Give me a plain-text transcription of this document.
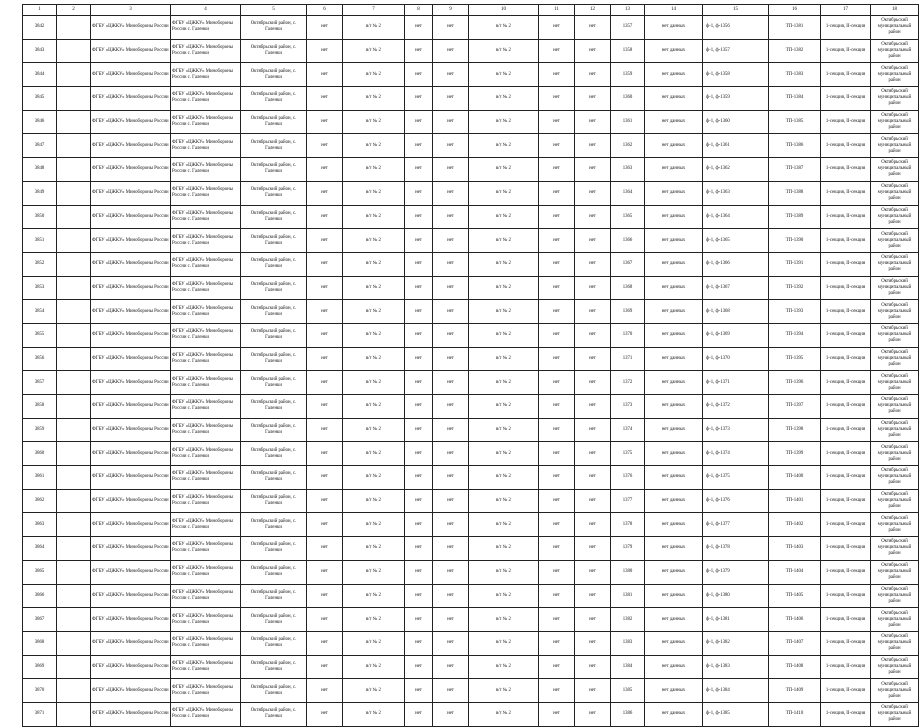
1	2	3	4	5	6	7	8	9	10	11	12	13	14	15	16	17	18
3842		ФГБУ «ЦЖКУ» Минобороны России	ФГБУ «ЦЖКУ» Минобороны России с. Галенки	Октябрьский район, с. Галенки	нет	в/г № 2	нет	нет	в/г № 2	нет	нет	1357	нет данных	ф-1, ф-1356	ТП-1381	1-секция, II-секция	Октябрьский муниципальный район
3843		ФГБУ «ЦЖКУ» Минобороны России	ФГБУ «ЦЖКУ» Минобороны России с. Галенки	Октябрьский район, с. Галенки	нет	в/г № 2	нет	нет	в/г № 2	нет	нет	1358	нет данных	ф-1, ф-1357	ТП-1382	1-секция, II-секция	Октябрьский муниципальный район
3844		ФГБУ «ЦЖКУ» Минобороны России	ФГБУ «ЦЖКУ» Минобороны России с. Галенки	Октябрьский район, с. Галенки	нет	в/г № 2	нет	нет	в/г № 2	нет	нет	1359	нет данных	ф-1, ф-1358	ТП-1383	1-секция, II-секция	Октябрьский муниципальный район
3845		ФГБУ «ЦЖКУ» Минобороны России	ФГБУ «ЦЖКУ» Минобороны России с. Галенки	Октябрьский район, с. Галенки	нет	в/г № 2	нет	нет	в/г № 2	нет	нет	1360	нет данных	ф-1, ф-1359	ТП-1384	1-секция, II-секция	Октябрьский муниципальный район
3846		ФГБУ «ЦЖКУ» Минобороны России	ФГБУ «ЦЖКУ» Минобороны России с. Галенки	Октябрьский район, с. Галенки	нет	в/г № 2	нет	нет	в/г № 2	нет	нет	1361	нет данных	ф-1, ф-1360	ТП-1385	1-секция, II-секция	Октябрьский муниципальный район
3847		ФГБУ «ЦЖКУ» Минобороны России	ФГБУ «ЦЖКУ» Минобороны России с. Галенки	Октябрьский район, с. Галенки	нет	в/г № 2	нет	нет	в/г № 2	нет	нет	1362	нет данных	ф-1, ф-1361	ТП-1386	1-секция, II-секция	Октябрьский муниципальный район
3848		ФГБУ «ЦЖКУ» Минобороны России	ФГБУ «ЦЖКУ» Минобороны России с. Галенки	Октябрьский район, с. Галенки	нет	в/г № 2	нет	нет	в/г № 2	нет	нет	1363	нет данных	ф-1, ф-1362	ТП-1387	1-секция, II-секция	Октябрьский муниципальный район
3849		ФГБУ «ЦЖКУ» Минобороны России	ФГБУ «ЦЖКУ» Минобороны России с. Галенки	Октябрьский район, с. Галенки	нет	в/г № 2	нет	нет	в/г № 2	нет	нет	1364	нет данных	ф-1, ф-1363	ТП-1388	1-секция, II-секция	Октябрьский муниципальный район
3850		ФГБУ «ЦЖКУ» Минобороны России	ФГБУ «ЦЖКУ» Минобороны России с. Галенки	Октябрьский район, с. Галенки	нет	в/г № 2	нет	нет	в/г № 2	нет	нет	1365	нет данных	ф-1, ф-1364	ТП-1389	1-секция, II-секция	Октябрьский муниципальный район
3851		ФГБУ «ЦЖКУ» Минобороны России	ФГБУ «ЦЖКУ» Минобороны России с. Галенки	Октябрьский район, с. Галенки	нет	в/г № 2	нет	нет	в/г № 2	нет	нет	1366	нет данных	ф-1, ф-1365	ТП-1390	1-секция, II-секция	Октябрьский муниципальный район
3852		ФГБУ «ЦЖКУ» Минобороны России	ФГБУ «ЦЖКУ» Минобороны России с. Галенки	Октябрьский район, с. Галенки	нет	в/г № 2	нет	нет	в/г № 2	нет	нет	1367	нет данных	ф-1, ф-1366	ТП-1391	1-секция, II-секция	Октябрьский муниципальный район
3853		ФГБУ «ЦЖКУ» Минобороны России	ФГБУ «ЦЖКУ» Минобороны России с. Галенки	Октябрьский район, с. Галенки	нет	в/г № 2	нет	нет	в/г № 2	нет	нет	1368	нет данных	ф-1, ф-1367	ТП-1392	1-секция, II-секция	Октябрьский муниципальный район
3854		ФГБУ «ЦЖКУ» Минобороны России	ФГБУ «ЦЖКУ» Минобороны России с. Галенки	Октябрьский район, с. Галенки	нет	в/г № 2	нет	нет	в/г № 2	нет	нет	1369	нет данных	ф-1, ф-1368	ТП-1393	1-секция, II-секция	Октябрьский муниципальный район
3855		ФГБУ «ЦЖКУ» Минобороны России	ФГБУ «ЦЖКУ» Минобороны России с. Галенки	Октябрьский район, с. Галенки	нет	в/г № 2	нет	нет	в/г № 2	нет	нет	1370	нет данных	ф-1, ф-1369	ТП-1394	1-секция, II-секция	Октябрьский муниципальный район
3856		ФГБУ «ЦЖКУ» Минобороны России	ФГБУ «ЦЖКУ» Минобороны России с. Галенки	Октябрьский район, с. Галенки	нет	в/г № 2	нет	нет	в/г № 2	нет	нет	1371	нет данных	ф-1, ф-1370	ТП-1395	1-секция, II-секция	Октябрьский муниципальный район
3857		ФГБУ «ЦЖКУ» Минобороны России	ФГБУ «ЦЖКУ» Минобороны России с. Галенки	Октябрьский район, с. Галенки	нет	в/г № 2	нет	нет	в/г № 2	нет	нет	1372	нет данных	ф-1, ф-1371	ТП-1396	1-секция, II-секция	Октябрьский муниципальный район
3858		ФГБУ «ЦЖКУ» Минобороны России	ФГБУ «ЦЖКУ» Минобороны России с. Галенки	Октябрьский район, с. Галенки	нет	в/г № 2	нет	нет	в/г № 2	нет	нет	1373	нет данных	ф-1, ф-1372	ТП-1397	1-секция, II-секция	Октябрьский муниципальный район
3859		ФГБУ «ЦЖКУ» Минобороны России	ФГБУ «ЦЖКУ» Минобороны России с. Галенки	Октябрьский район, с. Галенки	нет	в/г № 2	нет	нет	в/г № 2	нет	нет	1374	нет данных	ф-1, ф-1373	ТП-1398	1-секция, II-секция	Октябрьский муниципальный район
3860		ФГБУ «ЦЖКУ» Минобороны России	ФГБУ «ЦЖКУ» Минобороны России с. Галенки	Октябрьский район, с. Галенки	нет	в/г № 2	нет	нет	в/г № 2	нет	нет	1375	нет данных	ф-1, ф-1374	ТП-1399	1-секция, II-секция	Октябрьский муниципальный район
3861		ФГБУ «ЦЖКУ» Минобороны России	ФГБУ «ЦЖКУ» Минобороны России с. Галенки	Октябрьский район, с. Галенки	нет	в/г № 2	нет	нет	в/г № 2	нет	нет	1376	нет данных	ф-1, ф-1375	ТП-1400	1-секция, II-секция	Октябрьский муниципальный район
3862		ФГБУ «ЦЖКУ» Минобороны России	ФГБУ «ЦЖКУ» Минобороны России с. Галенки	Октябрьский район, с. Галенки	нет	в/г № 2	нет	нет	в/г № 2	нет	нет	1377	нет данных	ф-1, ф-1376	ТП-1401	1-секция, II-секция	Октябрьский муниципальный район
3863		ФГБУ «ЦЖКУ» Минобороны России	ФГБУ «ЦЖКУ» Минобороны России с. Галенки	Октябрьский район, с. Галенки	нет	в/г № 2	нет	нет	в/г № 2	нет	нет	1378	нет данных	ф-1, ф-1377	ТП-1402	1-секция, II-секция	Октябрьский муниципальный район
3864		ФГБУ «ЦЖКУ» Минобороны России	ФГБУ «ЦЖКУ» Минобороны России с. Галенки	Октябрьский район, с. Галенки	нет	в/г № 2	нет	нет	в/г № 2	нет	нет	1379	нет данных	ф-1, ф-1378	ТП-1403	1-секция, II-секция	Октябрьский муниципальный район
3865		ФГБУ «ЦЖКУ» Минобороны России	ФГБУ «ЦЖКУ» Минобороны России с. Галенки	Октябрьский район, с. Галенки	нет	в/г № 2	нет	нет	в/г № 2	нет	нет	1380	нет данных	ф-1, ф-1379	ТП-1404	1-секция, II-секция	Октябрьский муниципальный район
3866		ФГБУ «ЦЖКУ» Минобороны России	ФГБУ «ЦЖКУ» Минобороны России с. Галенки	Октябрьский район, с. Галенки	нет	в/г № 2	нет	нет	в/г № 2	нет	нет	1381	нет данных	ф-1, ф-1380	ТП-1405	1-секция, II-секция	Октябрьский муниципальный район
3867		ФГБУ «ЦЖКУ» Минобороны России	ФГБУ «ЦЖКУ» Минобороны России с. Галенки	Октябрьский район, с. Галенки	нет	в/г № 2	нет	нет	в/г № 2	нет	нет	1382	нет данных	ф-1, ф-1381	ТП-1406	1-секция, II-секция	Октябрьский муниципальный район
3868		ФГБУ «ЦЖКУ» Минобороны России	ФГБУ «ЦЖКУ» Минобороны России с. Галенки	Октябрьский район, с. Галенки	нет	в/г № 2	нет	нет	в/г № 2	нет	нет	1383	нет данных	ф-1, ф-1382	ТП-1407	1-секция, II-секция	Октябрьский муниципальный район
3869		ФГБУ «ЦЖКУ» Минобороны России	ФГБУ «ЦЖКУ» Минобороны России с. Галенки	Октябрьский район, с. Галенки	нет	в/г № 2	нет	нет	в/г № 2	нет	нет	1384	нет данных	ф-1, ф-1383	ТП-1408	1-секция, II-секция	Октябрьский муниципальный район
3870		ФГБУ «ЦЖКУ» Минобороны России	ФГБУ «ЦЖКУ» Минобороны России с. Галенки	Октябрьский район, с. Галенки	нет	в/г № 2	нет	нет	в/г № 2	нет	нет	1385	нет данных	ф-1, ф-1384	ТП-1409	1-секция, II-секция	Октябрьский муниципальный район
3871		ФГБУ «ЦЖКУ» Минобороны России	ФГБУ «ЦЖКУ» Минобороны России с. Галенки	Октябрьский район, с. Галенки	нет	в/г № 2	нет	нет	в/г № 2	нет	нет	1386	нет данных	ф-1, ф-1385	ТП-1410	1-секция, II-секция	Октябрьский муниципальный район
